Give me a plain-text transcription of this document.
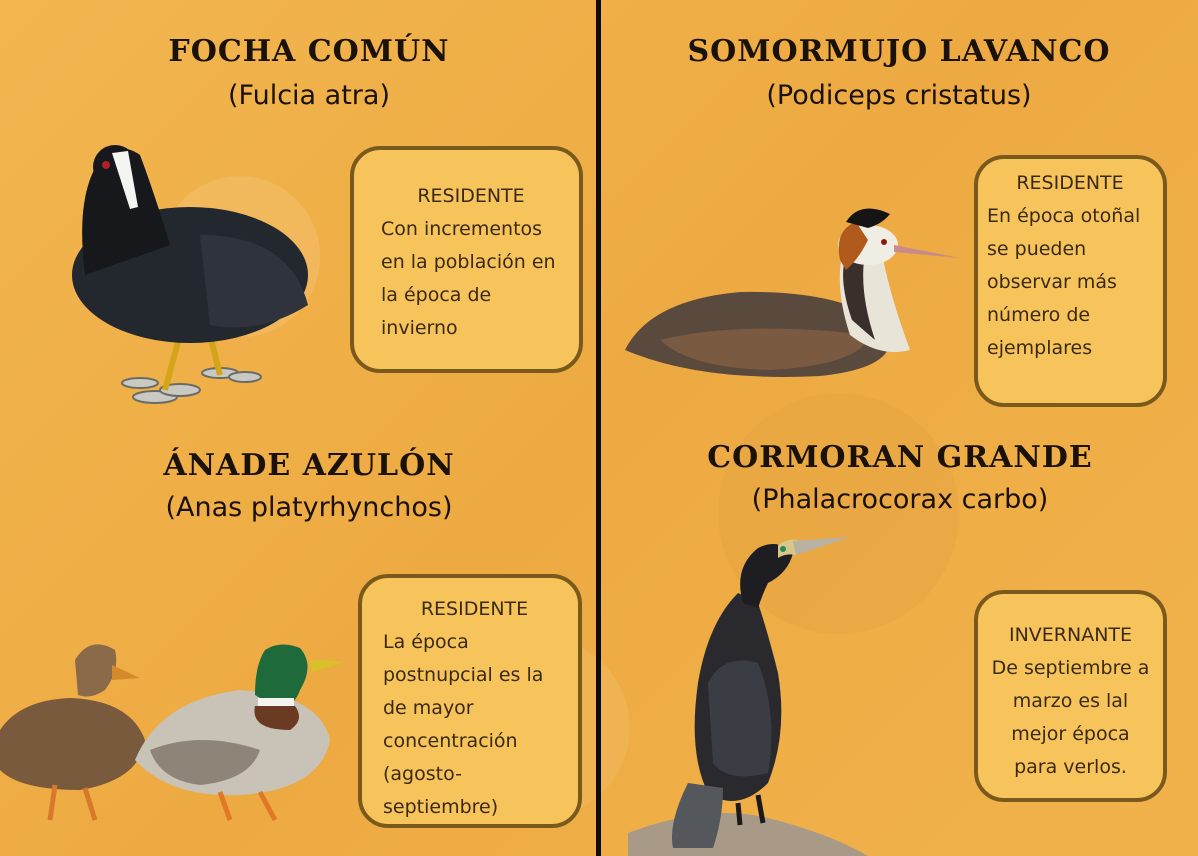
FOCHA COMÚN

(Fulcia atra)

RESIDENTE
Con incrementos en la población en la época de invierno
SOMORMUJO LAVANCO

(Podiceps cristatus)

RESIDENTE
En época otoñal se pueden observar más número de ejemplares
ÁNADE AZULÓN

(Anas platyrhynchos)

RESIDENTE
La época postnupcial es la de mayor concentración (agosto-septiembre)
CORMORAN GRANDE

(Phalacrocorax carbo)

INVERNANTE
De septiembre a marzo es lal mejor época para verlos.
